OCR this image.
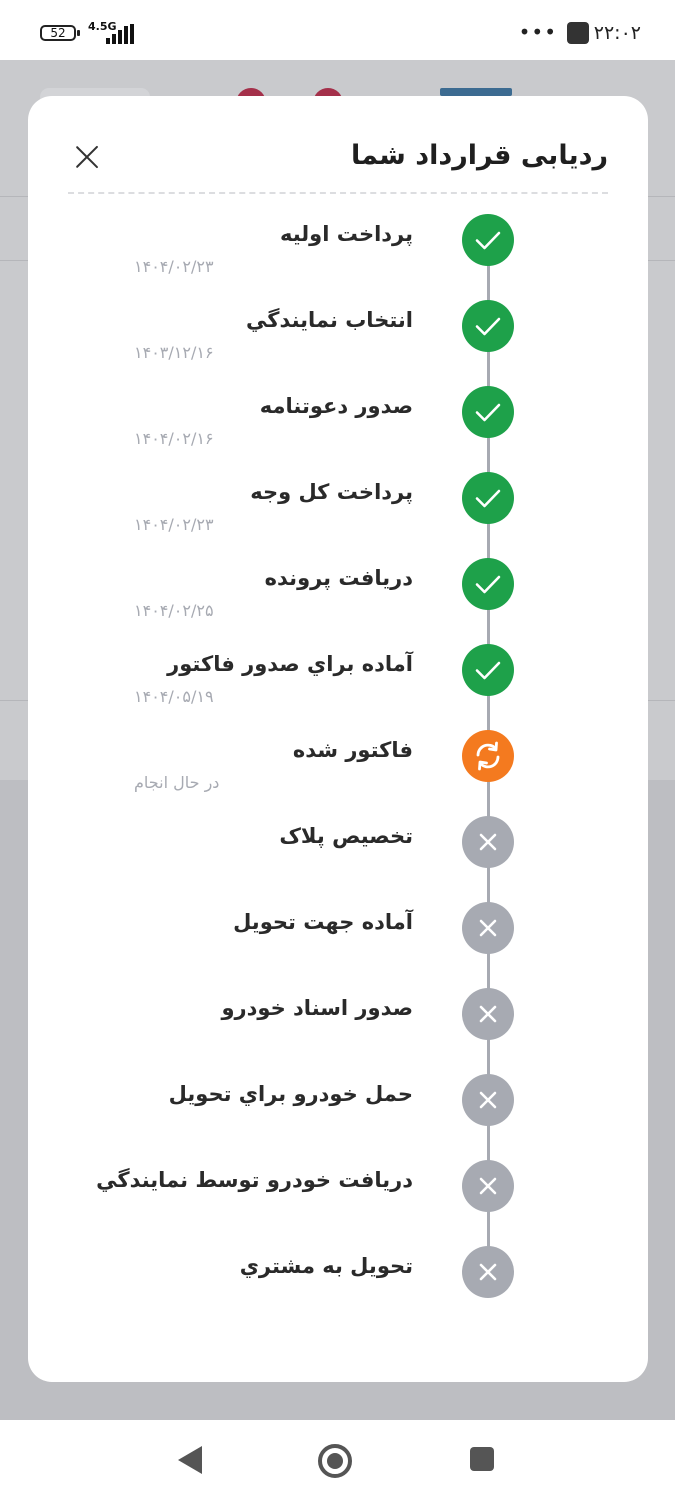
52	4.5G	••• ۲۲:۰۲
ردیابی قرارداد شما
پرداخت اولیه
۱۴۰۴/۰۲/۲۳
انتخاب نمايندگي
۱۴۰۳/۱۲/۱۶
صدور دعوتنامه
۱۴۰۴/۰۲/۱۶
پرداخت کل وجه
۱۴۰۴/۰۲/۲۳
دريافت پرونده
۱۴۰۴/۰۲/۲۵
آماده براي صدور فاکتور
۱۴۰۴/۰۵/۱۹
فاکتور شده
در حال انجام
تخصيص پلاک
آماده جهت تحويل
صدور اسناد خودرو
حمل خودرو براي تحويل
دريافت خودرو توسط نمايندگي
تحويل به مشتري
